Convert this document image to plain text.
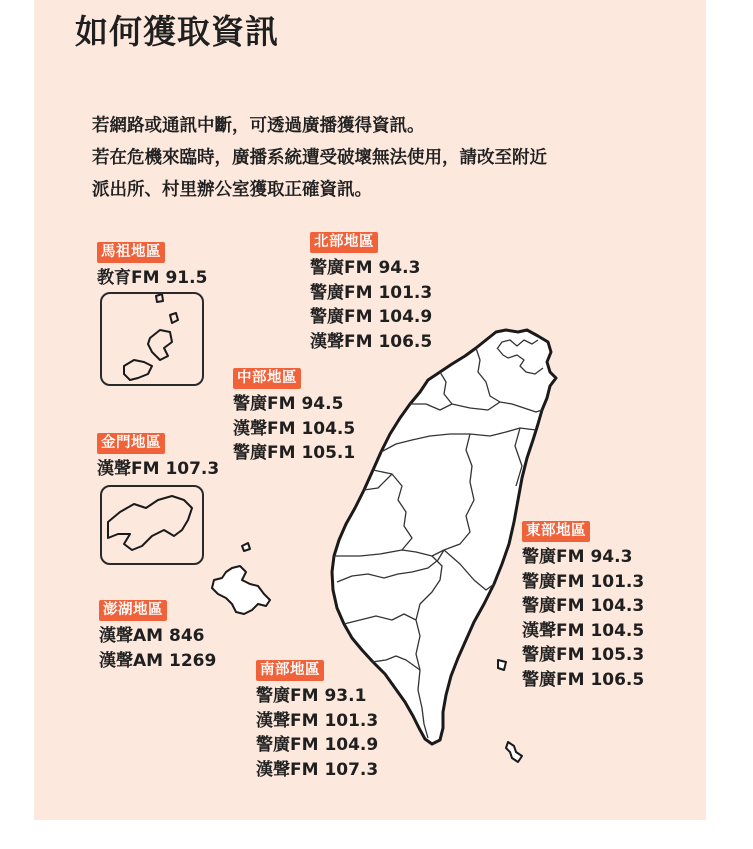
如何獲取資訊

若網路或通訊中斷，可透過廣播獲得資訊。

若在危機來臨時，廣播系統遭受破壞無法使用，請改至附近

派出所、村里辦公室獲取正確資訊。

馬祖地區
教育FM 91.5
北部地區
警廣FM 94.3
警廣FM 101.3
警廣FM 104.9
漢聲FM 106.5
中部地區
警廣FM 94.5
漢聲FM 104.5
警廣FM 105.1
金門地區
漢聲FM 107.3
東部地區
警廣FM 94.3
警廣FM 101.3
警廣FM 104.3
漢聲FM 104.5
警廣FM 105.3
警廣FM 106.5
澎湖地區
漢聲AM 846
漢聲AM 1269	南部地區
警廣FM 93.1
漢聲FM 101.3
警廣FM 104.9
漢聲FM 107.3
